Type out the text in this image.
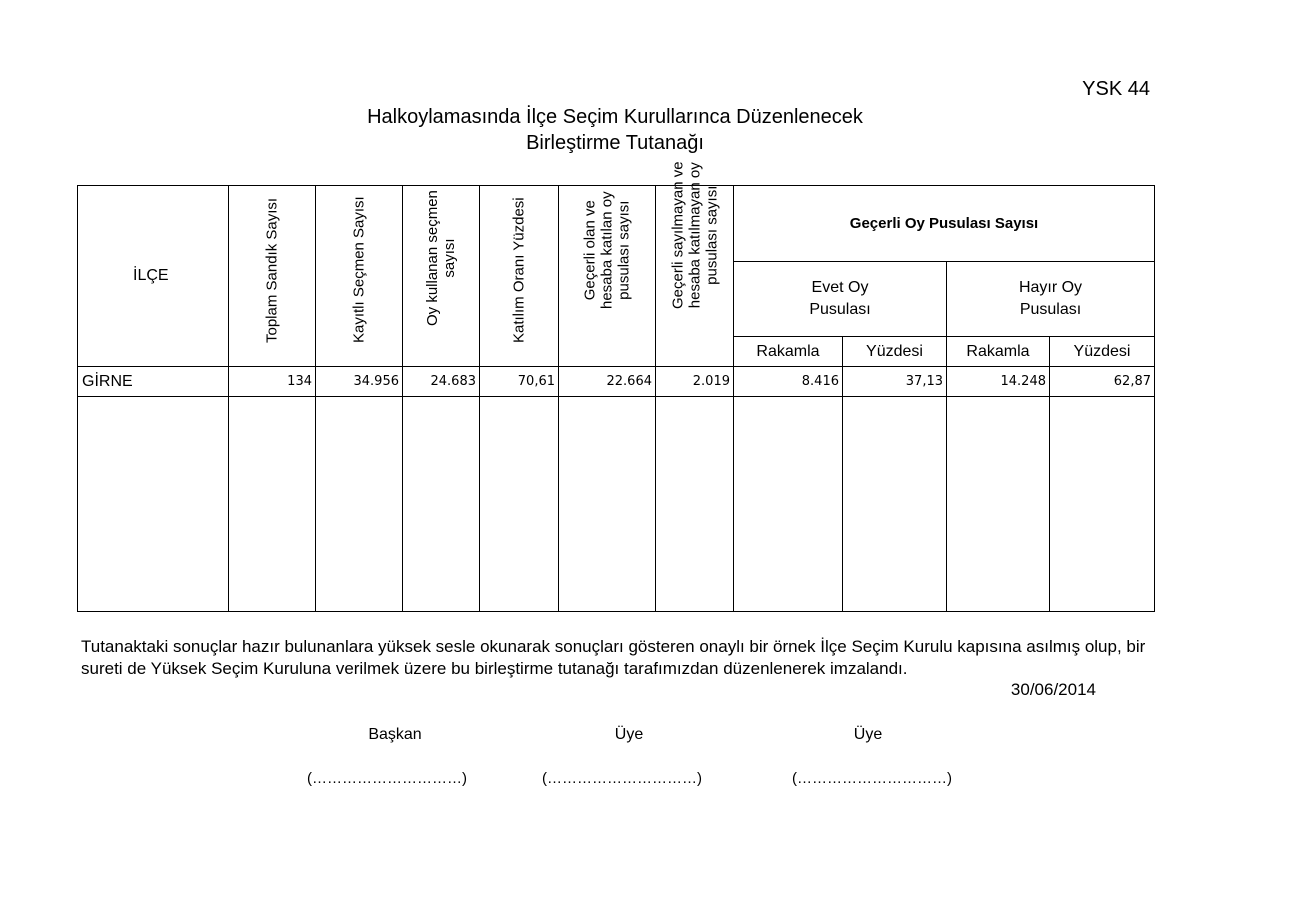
YSK 44
Halkoylamasında İlçe Seçim Kurullarınca Düzenlenecek
Birleştirme Tutanağı
İLÇE	Toplam Sandık Sayısı	Kayıtlı Seçmen Sayısı	Oy kullanan seçmen
sayısı	Katılım Oranı Yüzdesi	Geçerli olan ve
hesaba katılan oy
pusulası sayısı	Geçerli sayılmayan ve
hesaba katılmayan oy
pusulası sayısı	Geçerli Oy Pusulası Sayısı			
							Evet Oy
Pusulası		Hayır Oy
Pusulası	
							Rakamla	Yüzdesi	Rakamla	Yüzdesi
GİRNE	134	34.956	24.683	70,61	22.664	2.019	8.416	37,13	14.248	62,87

Tutanaktaki sonuçlar hazır bulunanlara yüksek sesle okunarak sonuçları gösteren onaylı bir örnek İlçe Seçim Kurulu kapısına asılmış olup, bir sureti de Yüksek Seçim Kuruluna verilmek üzere bu birleştirme tutanağı tarafımızdan düzenlenerek imzalandı.
30/06/2014
Başkan	Üye	Üye
(…………………………)	(…………………………)	(…………………………)
